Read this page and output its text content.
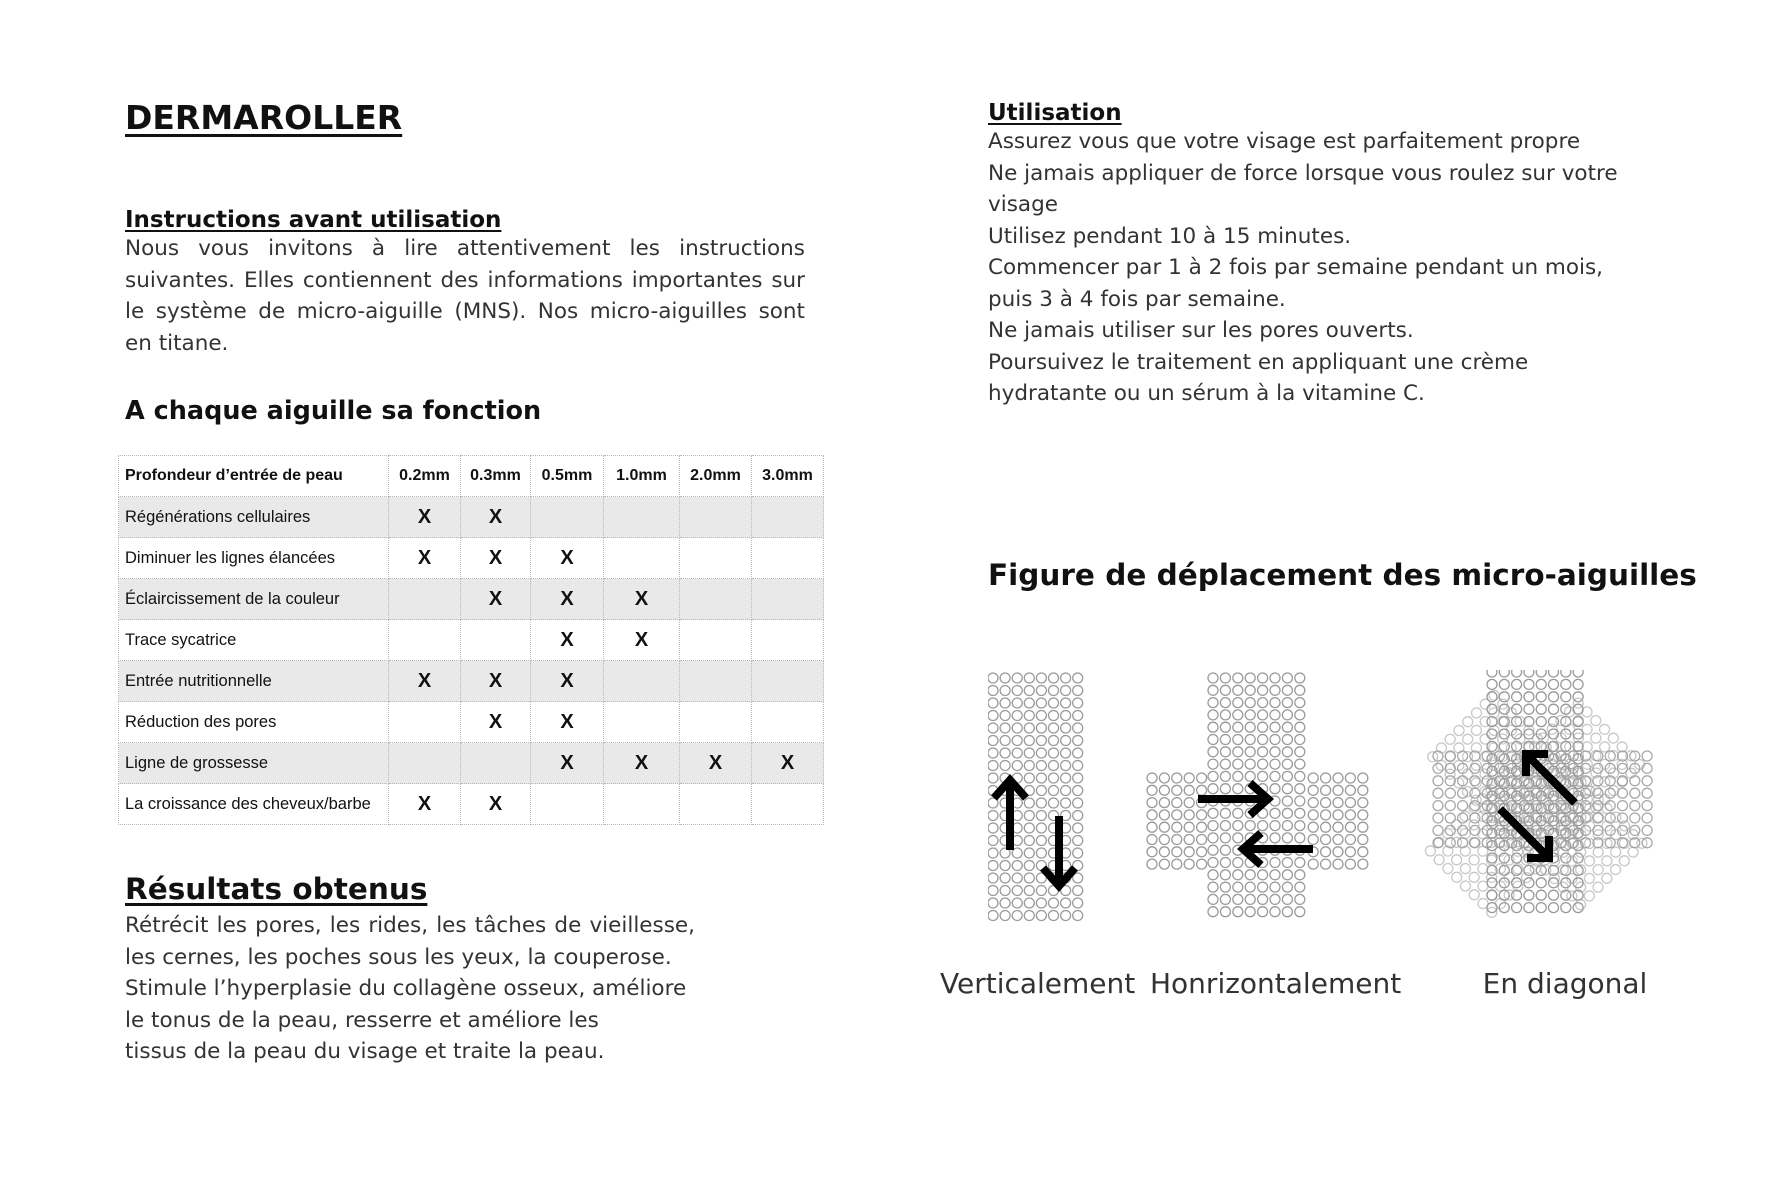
DERMAROLLER
Instructions avant utilisation

Nous vous invitons à lire attentivement les instructions suivantes. Elles contiennent des informations importantes sur le système de micro-aiguille (MNS). Nos micro-aiguilles sont en titane.

A chaque aiguille sa fonction
Profondeur d’entrée de peau	0.2mm	0.3mm	0.5mm	1.0mm	2.0mm	3.0mm
Régénérations cellulaires	X	X				
Diminuer les lignes élancées	X	X	X			
Éclaircissement de la couleur		X	X	X		
Trace sycatrice			X	X		
Entrée nutritionnelle	X	X	X			
Réduction des pores		X	X			
Ligne de grossesse			X	X	X	X
La croissance des cheveux/barbe	X	X				
Résultats obtenus

Rétrécit les pores, les rides, les tâches de vieillesse, les cernes, les poches sous les yeux, la couperose.

Stimule l’hyperplasie du collagène osseux, améliore le tonus de la peau, resserre et améliore les

tissus de la peau du visage et traite la peau.

Utilisation

Assurez vous que votre visage est parfaitement propre

Ne jamais appliquer de force lorsque vous roulez sur votre visage

Utilisez pendant 10 à 15 minutes.

Commencer par 1 à 2 fois par semaine pendant un mois, puis 3 à 4 fois par semaine.

Ne jamais utiliser sur les pores ouverts.

Poursuivez le traitement en appliquant une crème hydratante ou un sérum à la vitamine C.

Figure de déplacement des micro-aiguilles

Verticalement Honrizontalement	En diagonal
